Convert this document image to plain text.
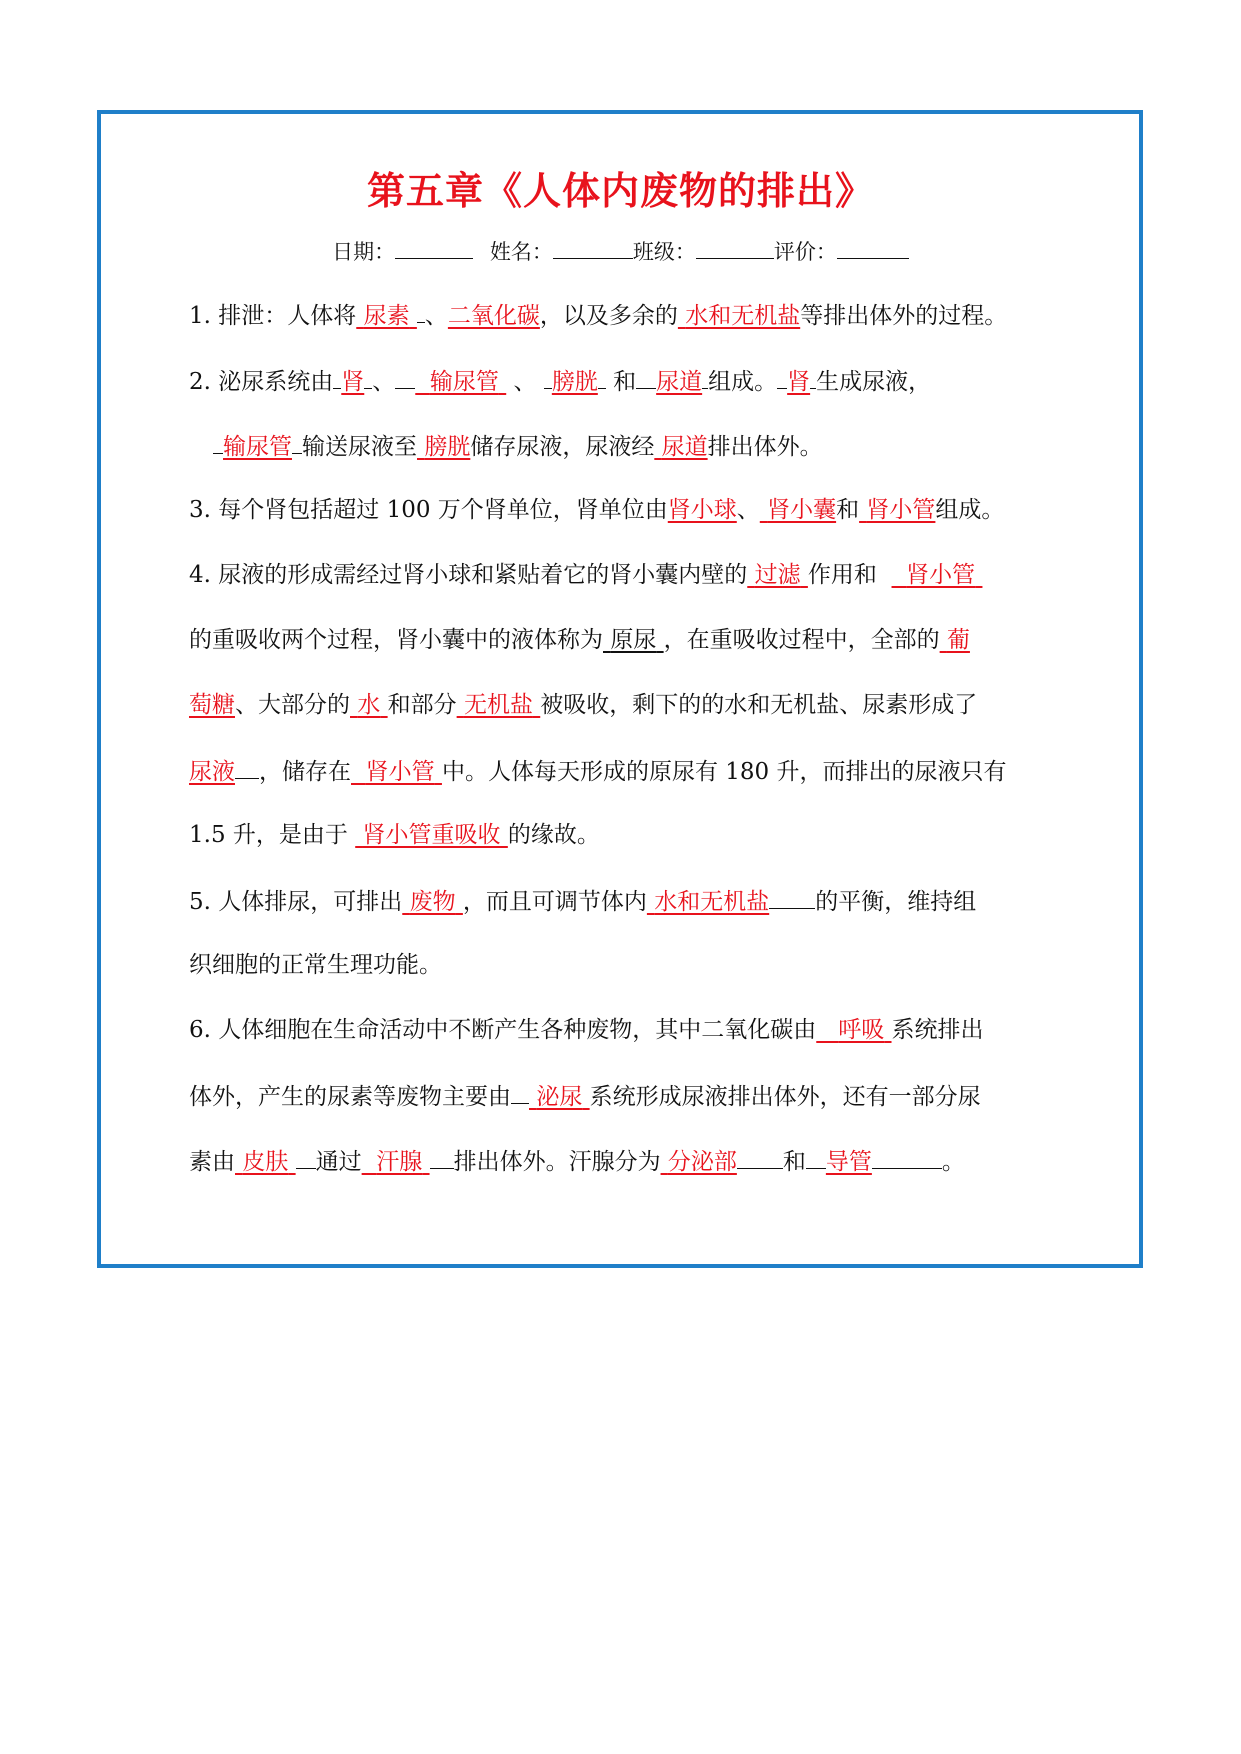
第五章《人体内废物的排出》
日期：	姓名：	班级：	评价：
1. 排泄：人体将 尿素 、二氧化碳，以及多余的 水和无机盐等排出体外的过程。
2. 泌尿系统由 肾 、 输尿管 、 膀胱 和 尿道 组成。 肾 生成尿液，
输尿管 输送尿液至 膀胱储存尿液，尿液经 尿道排出体外。
3. 每个肾包括超过 100 万个肾单位，肾单位由肾小球、 肾小囊和 肾小管组成。
4. 尿液的形成需经过肾小球和紧贴着它的肾小囊内壁的 过滤 作用和 肾小管
的重吸收两个过程，肾小囊中的液体称为 原尿 ，在重吸收过程中，全部的 葡
萄糖、大部分的 水 和部分 无机盐 被吸收，剩下的的水和无机盐、尿素形成了
尿液 ，储存在 肾小管 中。人体每天形成的原尿有 180 升，而排出的尿液只有
1.5 升，是由于 肾小管重吸收 的缘故。
5. 人体排尿，可排出 废物 ，而且可调节体内 水和无机盐 的平衡，维持组
织细胞的正常生理功能。
6. 人体细胞在生命活动中不断产生各种废物，其中二氧化碳由 呼吸 系统排出
体外，产生的尿素等废物主要由 泌尿 系统形成尿液排出体外，还有一部分尿
素由 皮肤 通过 汗腺 排出体外。汗腺分为 分泌部 和 导管	。
